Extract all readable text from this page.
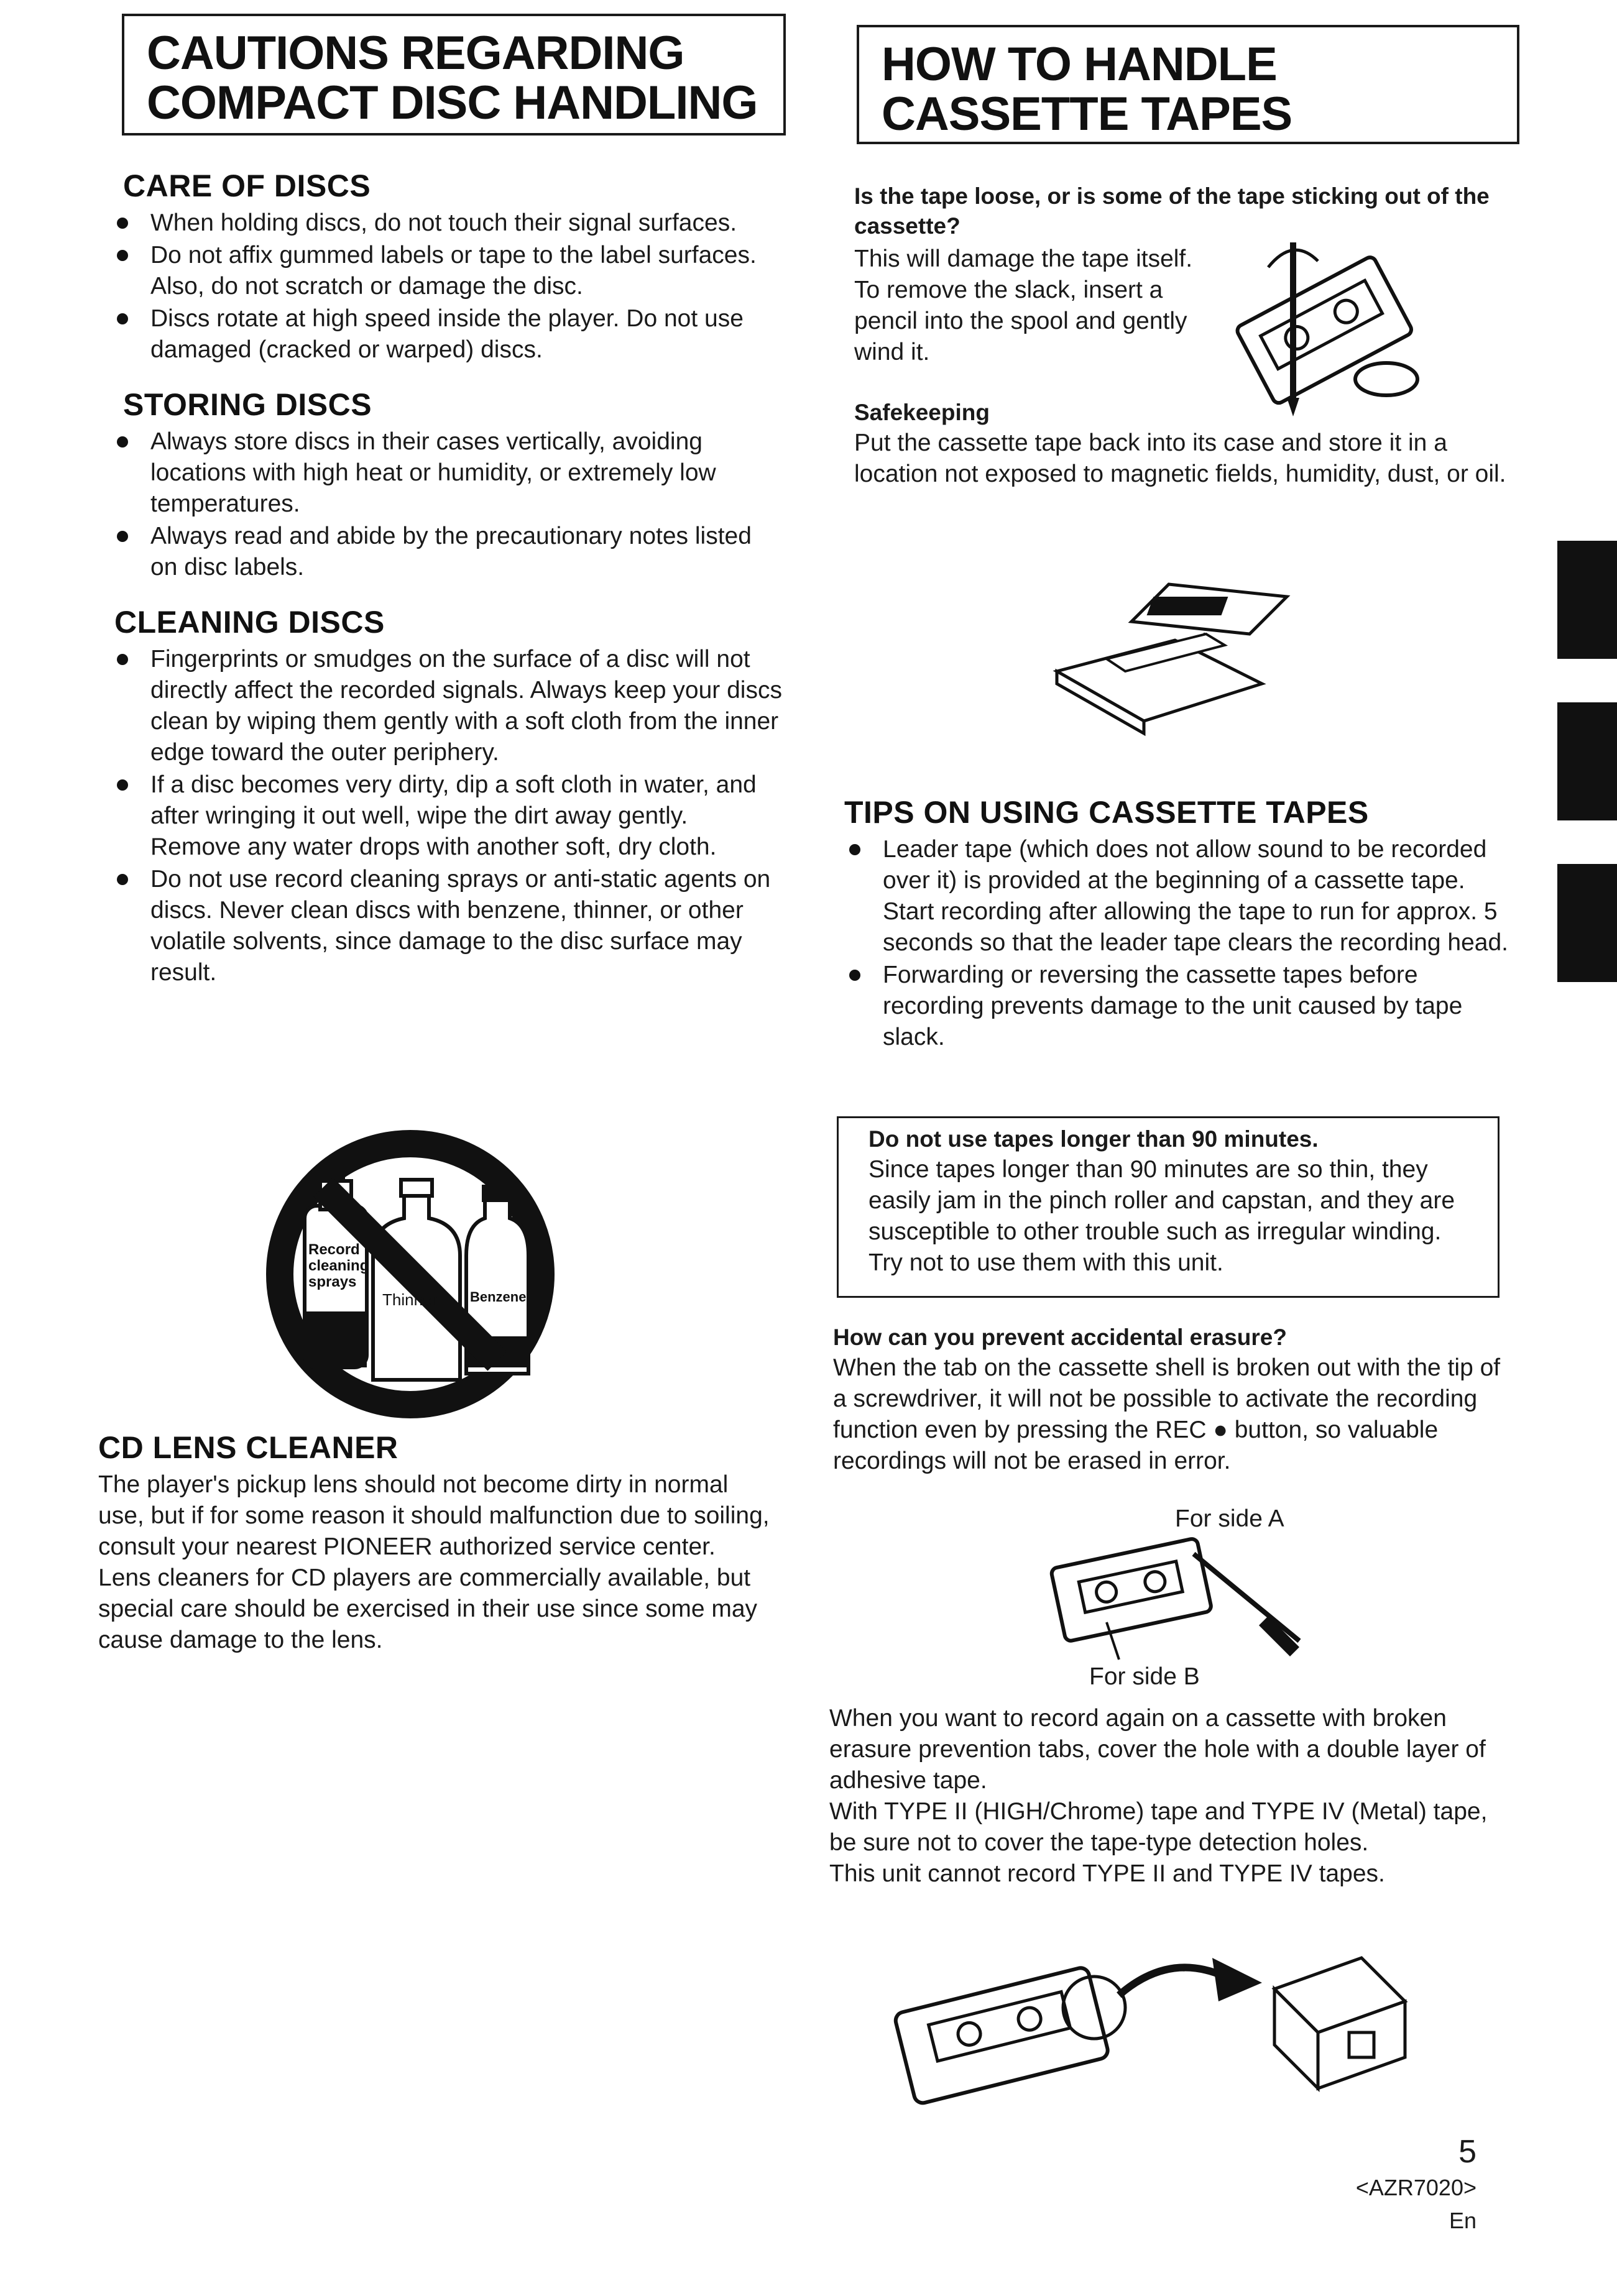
CAUTIONS REGARDING
COMPACT DISC HANDLING
HOW TO HANDLE
CASSETTE TAPES
CARE OF DISCS
When holding discs, do not touch their signal surfaces.
Do not affix gummed labels or tape to the label surfaces. Also, do not scratch or damage the disc.
Discs rotate at high speed inside the player. Do not use damaged (cracked or warped) discs.
STORING DISCS
Always store discs in their cases vertically, avoiding locations with high heat or humidity, or extremely low temperatures.
Always read and abide by the precautionary notes listed on disc labels.
CLEANING DISCS
Fingerprints or smudges on the surface of a disc will not directly affect the recorded signals. Always keep your discs clean by wiping them gently with a soft cloth from the inner edge toward the outer periphery.
If a disc becomes very dirty, dip a soft cloth in water, and after wringing it out well, wipe the dirt away gently. Remove any water drops with another soft, dry cloth.
Do not use record cleaning sprays or anti-static agents on discs. Never clean discs with benzene, thinner, or other volatile solvents, since damage to the disc surface may result.
Record
cleaning
sprays
Thinner Benzene
CD LENS CLEANER

The player's pickup lens should not become dirty in normal use, but if for some reason it should malfunction due to soiling, consult your nearest PIONEER authorized service center. Lens cleaners for CD players are commercially available, but special care should be exercised in their use since some may cause damage to the lens.

Is the tape loose, or is some of the tape sticking out of the cassette?

This will damage the tape itself. To remove the slack, insert a pencil into the spool and gently wind it.

Safekeeping

Put the cassette tape back into its case and store it in a location not exposed to magnetic fields, humidity, dust, or oil.

TIPS ON USING CASSETTE TAPES
Leader tape (which does not allow sound to be recorded over it) is provided at the beginning of a cassette tape. Start recording after allowing the tape to run for approx. 5 seconds so that the leader tape clears the recording head.
Forwarding or reversing the cassette tapes before recording prevents damage to the unit caused by tape slack.

Do not use tapes longer than 90 minutes.

Since tapes longer than 90 minutes are so thin, they easily jam in the pinch roller and capstan, and they are susceptible to other trouble such as irregular winding. Try not to use them with this unit.

How can you prevent accidental erasure?

When the tab on the cassette shell is broken out with the tip of a screwdriver, it will not be possible to activate the recording function even by pressing the REC ● button, so valuable recordings will not be erased in error.

For side A
For side B

When you want to record again on a cassette with broken erasure prevention tabs, cover the hole with a double layer of adhesive tape.

With TYPE II (HIGH/Chrome) tape and TYPE IV (Metal) tape, be sure not to cover the tape-type detection holes.

This unit cannot record TYPE II and TYPE IV tapes.

5
<AZR7020>
En
